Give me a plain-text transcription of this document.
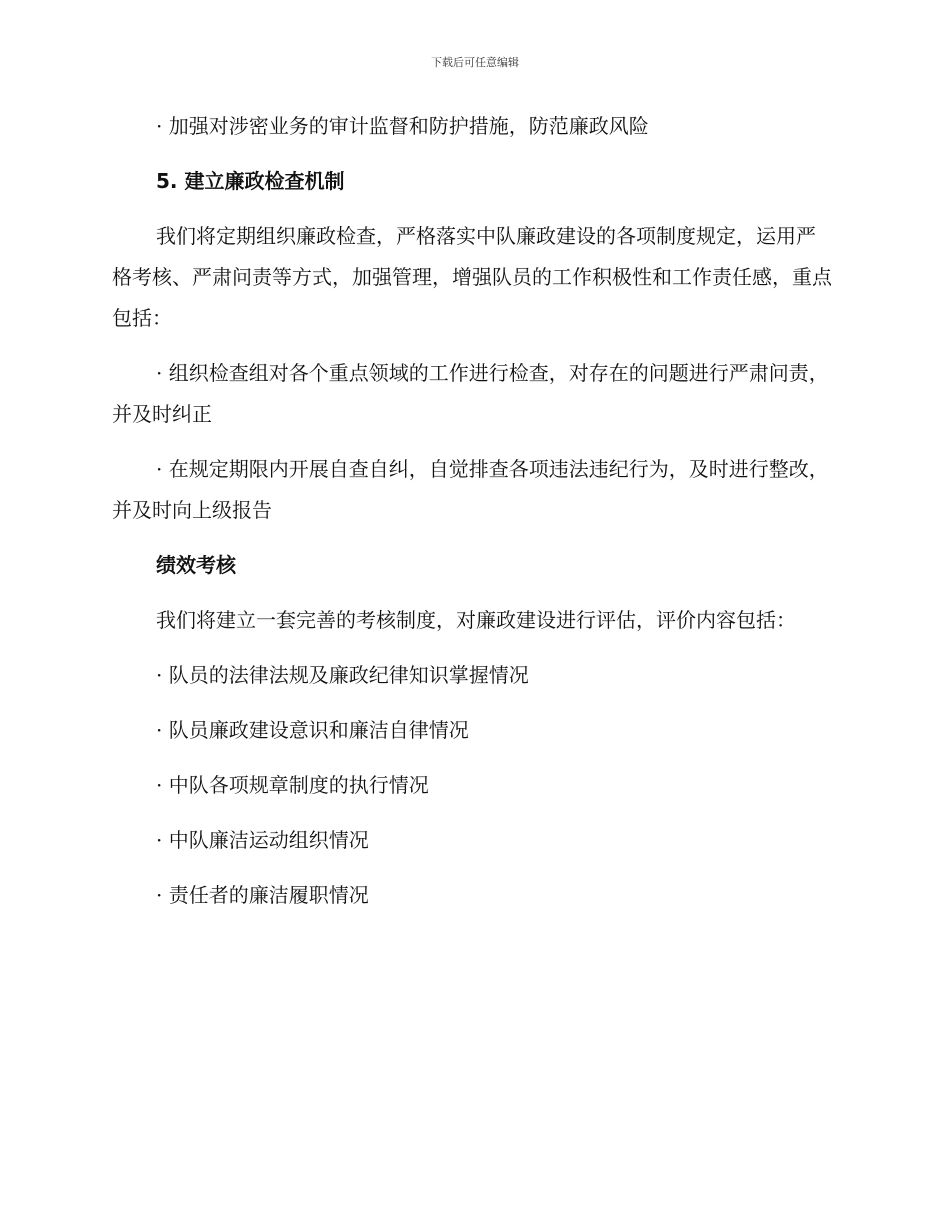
下载后可任意编辑

· 加强对涉密业务的审计监督和防护措施，防范廉政风险

5. 建立廉政检查机制

我们将定期组织廉政检查，严格落实中队廉政建设的各项制度规定，运用严格考核、严肃问责等方式，加强管理，增强队员的工作积极性和工作责任感，重点包括：

· 组织检查组对各个重点领域的工作进行检查，对存在的问题进行严肃问责，并及时纠正

· 在规定期限内开展自查自纠，自觉排查各项违法违纪行为，及时进行整改，并及时向上级报告

绩效考核

我们将建立一套完善的考核制度，对廉政建设进行评估，评价内容包括：

· 队员的法律法规及廉政纪律知识掌握情况

· 队员廉政建设意识和廉洁自律情况

· 中队各项规章制度的执行情况

· 中队廉洁运动组织情况

· 责任者的廉洁履职情况
